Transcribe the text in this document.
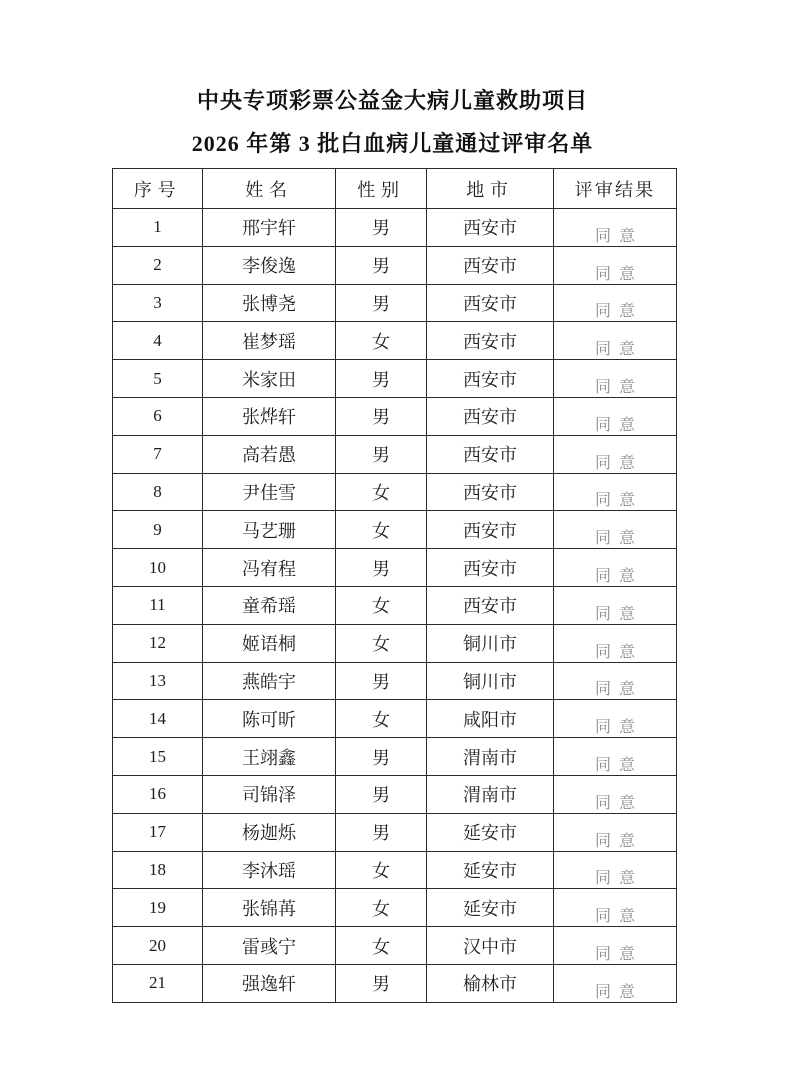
中央专项彩票公益金大病儿童救助项目
2026 年第 3 批白血病儿童通过评审名单
序号	姓名	性别	地市	评审结果
1	邢宇轩	男	西安市	同意
2	李俊逸	男	西安市	同意
3	张博尧	男	西安市	同意
4	崔梦瑶	女	西安市	同意
5	米家田	男	西安市	同意
6	张烨轩	男	西安市	同意
7	高若愚	男	西安市	同意
8	尹佳雪	女	西安市	同意
9	马艺珊	女	西安市	同意
10	冯宥程	男	西安市	同意
11	童希瑶	女	西安市	同意
12	姬语桐	女	铜川市	同意
13	燕皓宇	男	铜川市	同意
14	陈可昕	女	咸阳市	同意
15	王翊鑫	男	渭南市	同意
16	司锦泽	男	渭南市	同意
17	杨迦烁	男	延安市	同意
18	李沐瑶	女	延安市	同意
19	张锦苒	女	延安市	同意
20	雷彧宁	女	汉中市	同意
21	强逸轩	男	榆林市	同意
